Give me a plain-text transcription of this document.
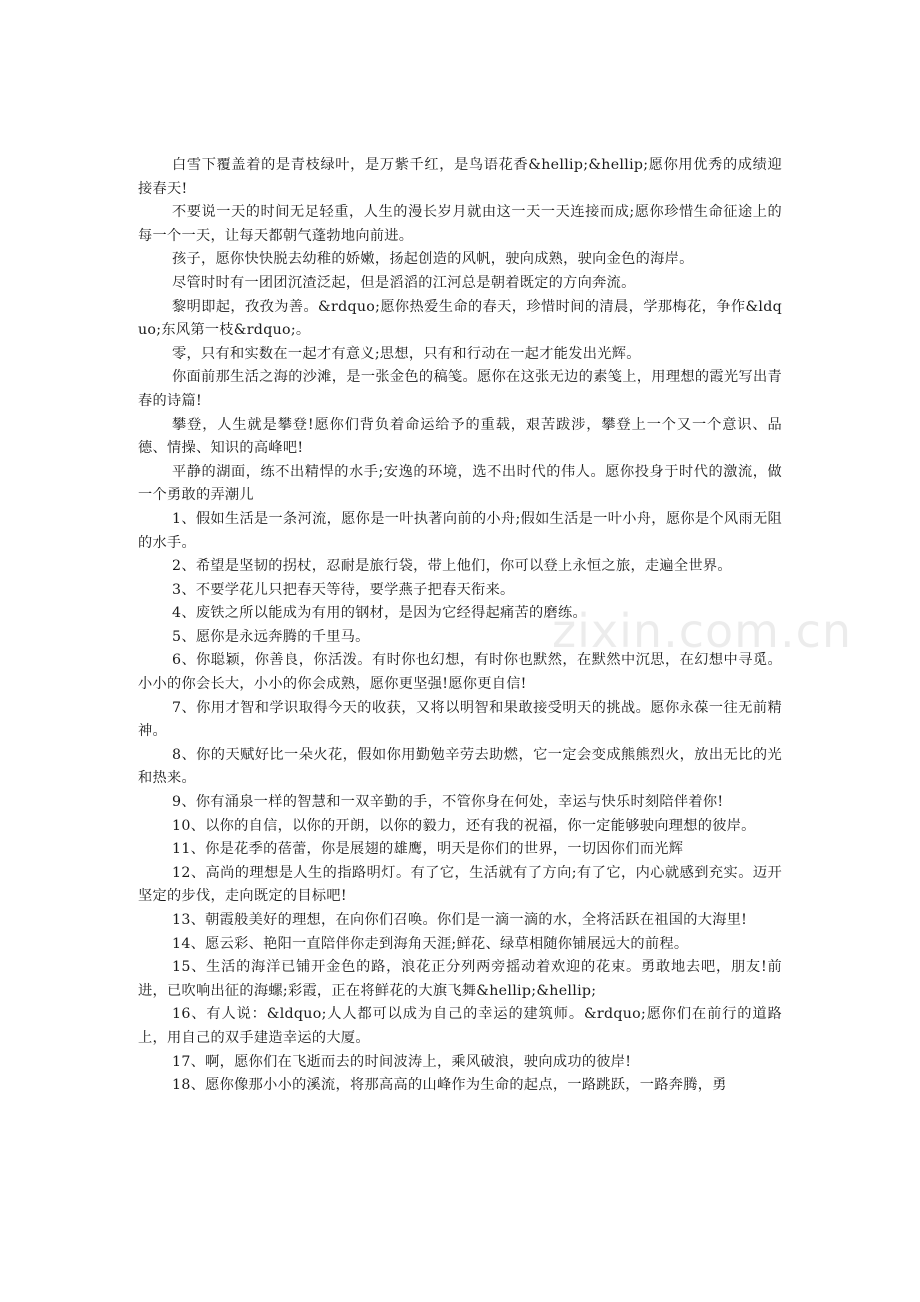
白雪下覆盖着的是青枝绿叶，是万紫千红，是鸟语花香&hellip;&hellip;愿你用优秀的成绩迎接春天!

不要说一天的时间无足轻重，人生的漫长岁月就由这一天一天连接而成;愿你珍惜生命征途上的每一个一天，让每天都朝气蓬勃地向前进。

孩子，愿你快快脱去幼稚的娇嫩，扬起创造的风帆，驶向成熟，驶向金色的海岸。

尽管时时有一团团沉渣泛起，但是滔滔的江河总是朝着既定的方向奔流。

黎明即起，孜孜为善。&rdquo;愿你热爱生命的春天，珍惜时间的清晨，学那梅花，争作&ldquo;东风第一枝&rdquo;。

零，只有和实数在一起才有意义;思想，只有和行动在一起才能发出光辉。

你面前那生活之海的沙滩，是一张金色的稿笺。愿你在这张无边的素笺上，用理想的霞光写出青春的诗篇!

攀登，人生就是攀登!愿你们背负着命运给予的重载，艰苦跋涉，攀登上一个又一个意识、品德、情操、知识的高峰吧!

平静的湖面，练不出精悍的水手;安逸的环境，选不出时代的伟人。愿你投身于时代的激流，做一个勇敢的弄潮儿

1、假如生活是一条河流，愿你是一叶执著向前的小舟;假如生活是一叶小舟，愿你是个风雨无阻的水手。

2、希望是坚韧的拐杖，忍耐是旅行袋，带上他们，你可以登上永恒之旅，走遍全世界。

3、不要学花儿只把春天等待，要学燕子把春天衔来。

4、废铁之所以能成为有用的钢材，是因为它经得起痛苦的磨练。

5、愿你是永远奔腾的千里马。

6、你聪颖，你善良，你活泼。有时你也幻想，有时你也默然，在默然中沉思，在幻想中寻觅。小小的你会长大，小小的你会成熟，愿你更坚强!愿你更自信!

7、你用才智和学识取得今天的收获，又将以明智和果敢接受明天的挑战。愿你永葆一往无前精神。

8、你的天赋好比一朵火花，假如你用勤勉辛劳去助燃，它一定会变成熊熊烈火，放出无比的光和热来。

9、你有涌泉一样的智慧和一双辛勤的手，不管你身在何处，幸运与快乐时刻陪伴着你!

10、以你的自信，以你的开朗，以你的毅力，还有我的祝福，你一定能够驶向理想的彼岸。

11、你是花季的蓓蕾，你是展翅的雄鹰，明天是你们的世界，一切因你们而光辉

12、高尚的理想是人生的指路明灯。有了它，生活就有了方向;有了它，内心就感到充实。迈开坚定的步伐，走向既定的目标吧!

13、朝霞般美好的理想，在向你们召唤。你们是一滴一滴的水，全将活跃在祖国的大海里!

14、愿云彩、艳阳一直陪伴你走到海角天涯;鲜花、绿草相随你铺展远大的前程。

15、生活的海洋已铺开金色的路，浪花正分列两旁摇动着欢迎的花束。勇敢地去吧，朋友!前进，已吹响出征的海螺;彩霞，正在将鲜花的大旗飞舞&hellip;&hellip;

16、有人说：&ldquo;人人都可以成为自己的幸运的建筑师。&rdquo;愿你们在前行的道路上，用自己的双手建造幸运的大厦。

17、啊，愿你们在飞逝而去的时间波涛上，乘风破浪，驶向成功的彼岸!

18、愿你像那小小的溪流，将那高高的山峰作为生命的起点，一路跳跃，一路奔腾，勇

zixin.com.cn
